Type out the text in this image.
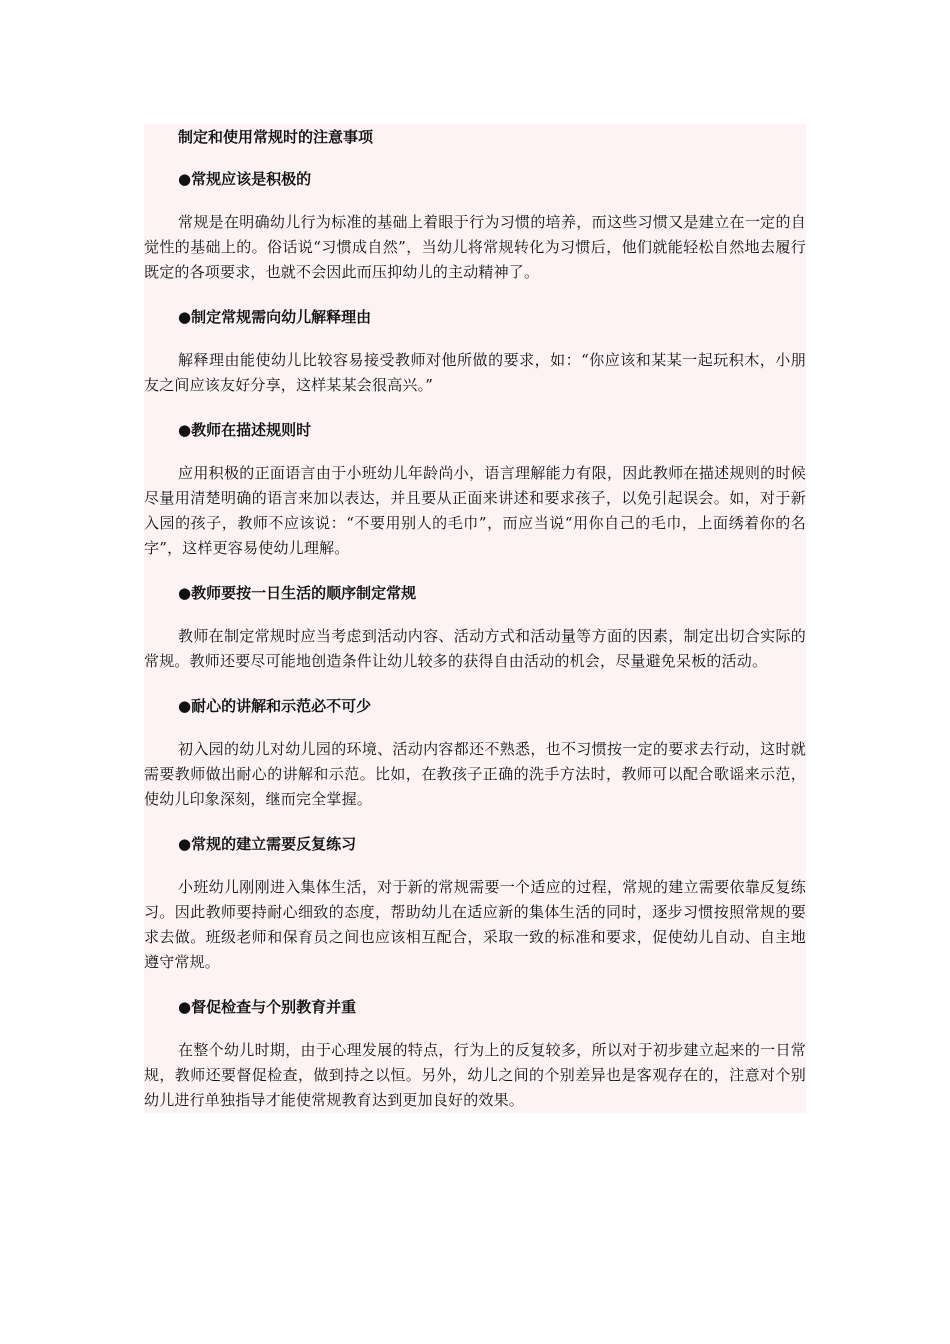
制定和使用常规时的注意事项
●常规应该是积极的

常规是在明确幼儿行为标准的基础上着眼于行为习惯的培养，而这些习惯又是建立在一定的自觉性的基础上的。俗话说“习惯成自然”，当幼儿将常规转化为习惯后，他们就能轻松自然地去履行既定的各项要求，也就不会因此而压抑幼儿的主动精神了。

●制定常规需向幼儿解释理由

解释理由能使幼儿比较容易接受教师对他所做的要求，如：“你应该和某某一起玩积木，小朋友之间应该友好分享，这样某某会很高兴。”

●教师在描述规则时

应用积极的正面语言由于小班幼儿年龄尚小，语言理解能力有限，因此教师在描述规则的时候尽量用清楚明确的语言来加以表达，并且要从正面来讲述和要求孩子，以免引起误会。如，对于新入园的孩子，教师不应该说：“不要用别人的毛巾”，而应当说“用你自己的毛巾，上面绣着你的名字”，这样更容易使幼儿理解。

●教师要按一日生活的顺序制定常规

教师在制定常规时应当考虑到活动内容、活动方式和活动量等方面的因素，制定出切合实际的常规。教师还要尽可能地创造条件让幼儿较多的获得自由活动的机会，尽量避免呆板的活动。

●耐心的讲解和示范必不可少

初入园的幼儿对幼儿园的环境、活动内容都还不熟悉，也不习惯按一定的要求去行动，这时就需要教师做出耐心的讲解和示范。比如，在教孩子正确的洗手方法时，教师可以配合歌谣来示范，使幼儿印象深刻，继而完全掌握。

●常规的建立需要反复练习

小班幼儿刚刚进入集体生活，对于新的常规需要一个适应的过程，常规的建立需要依靠反复练习。因此教师要持耐心细致的态度，帮助幼儿在适应新的集体生活的同时，逐步习惯按照常规的要求去做。班级老师和保育员之间也应该相互配合，采取一致的标准和要求，促使幼儿自动、自主地遵守常规。

●督促检查与个别教育并重

在整个幼儿时期，由于心理发展的特点，行为上的反复较多，所以对于初步建立起来的一日常规，教师还要督促检查，做到持之以恒。另外，幼儿之间的个别差异也是客观存在的，注意对个别幼儿进行单独指导才能使常规教育达到更加良好的效果。
